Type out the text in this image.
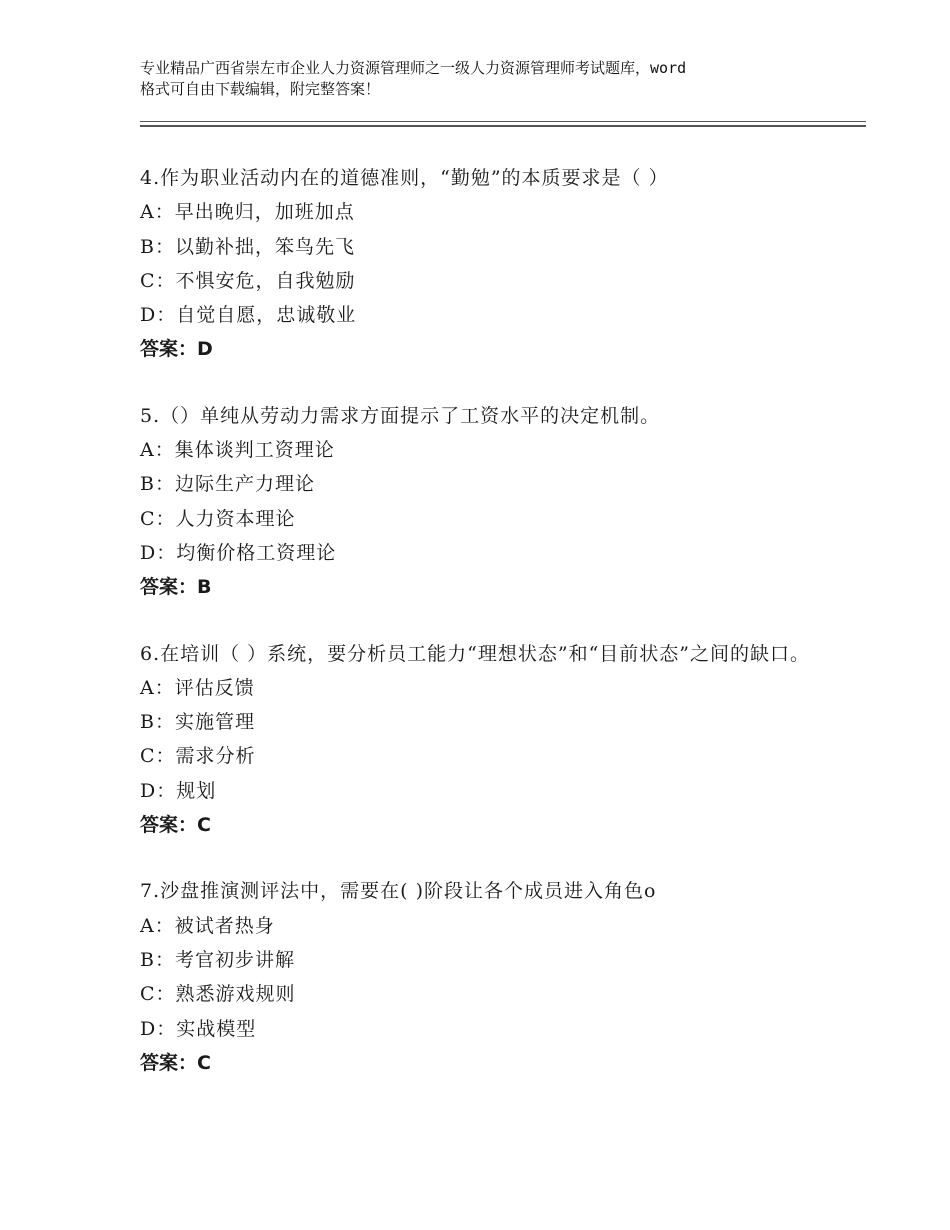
专业精品广西省崇左市企业人力资源管理师之一级人力资源管理师考试题库，word
格式可自由下载编辑，附完整答案！
4.作为职业活动内在的道德准则，“勤勉”的本质要求是（ ）
A：早出晚归，加班加点
B：以勤补拙，笨鸟先飞
C：不惧安危，自我勉励
D：自觉自愿，忠诚敬业
答案：D
5.（）单纯从劳动力需求方面提示了工资水平的决定机制。
A：集体谈判工资理论
B：边际生产力理论
C：人力资本理论
D：均衡价格工资理论
答案：B
6.在培训（ ）系统，要分析员工能力“理想状态”和“目前状态”之间的缺口。
A：评估反馈
B：实施管理
C：需求分析
D：规划
答案：C
7.沙盘推演测评法中，需要在( )阶段让各个成员进入角色o
A：被试者热身
B：考官初步讲解
C：熟悉游戏规则
D：实战模型
答案：C
